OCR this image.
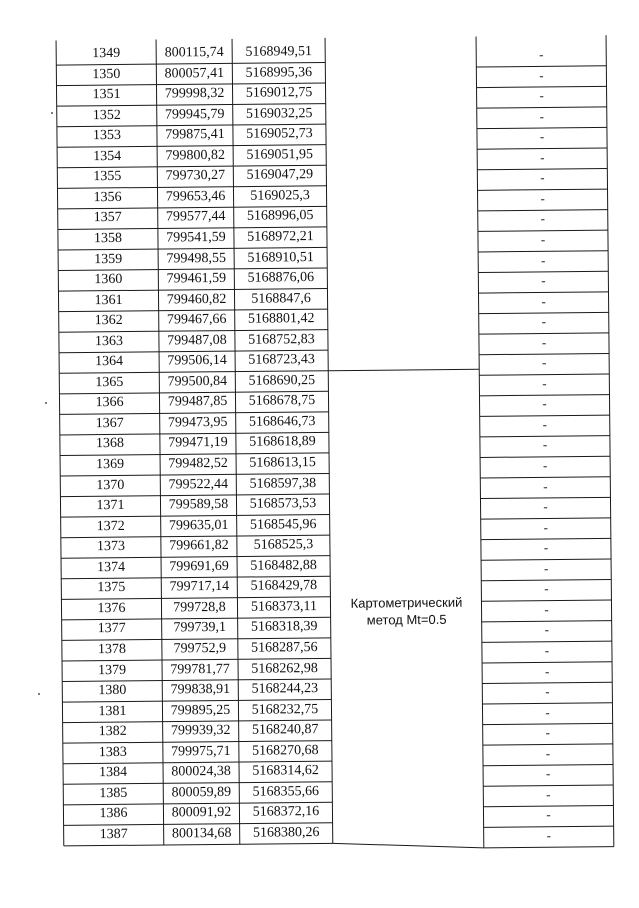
1349	800115,74	5168949,51	-
1350	800057,41	5168995,36	-
1351	799998,32	5169012,75	-
1352	799945,79	5169032,25	-
1353	799875,41	5169052,73	-
1354	799800,82	5169051,95	-
1355	799730,27	5169047,29	-
1356	799653,46	5169025,3	-
1357	799577,44	5168996,05	-
1358	799541,59	5168972,21	-
1359	799498,55	5168910,51	-
1360	799461,59	5168876,06	-
1361	799460,82	5168847,6	-
1362	799467,66	5168801,42	-
1363	799487,08	5168752,83	-
1364	799506,14	5168723,43	-
1365	799500,84	5168690,25	-
1366	799487,85	5168678,75	-
1367	799473,95	5168646,73	-
1368	799471,19	5168618,89	-
1369	799482,52	5168613,15	-
1370	799522,44	5168597,38	-
1371	799589,58	5168573,53	-
1372	799635,01	5168545,96	-
1373	799661,82	5168525,3	-
1374	799691,69	5168482,88	-
1375	799717,14	5168429,78	-
1376	799728,8	5168373,11	-
1377	799739,1	5168318,39	-
1378	799752,9	5168287,56	-
1379	799781,77	5168262,98	-
1380	799838,91	5168244,23	-
1381	799895,25	5168232,75	-
1382	799939,32	5168240,87	-
1383	799975,71	5168270,68	-
1384	800024,38	5168314,62	-
1385	800059,89	5168355,66	-
1386	800091,92	5168372,16	-
1387	800134,68	5168380,26	-
Картометрический метод Mt=0.5
